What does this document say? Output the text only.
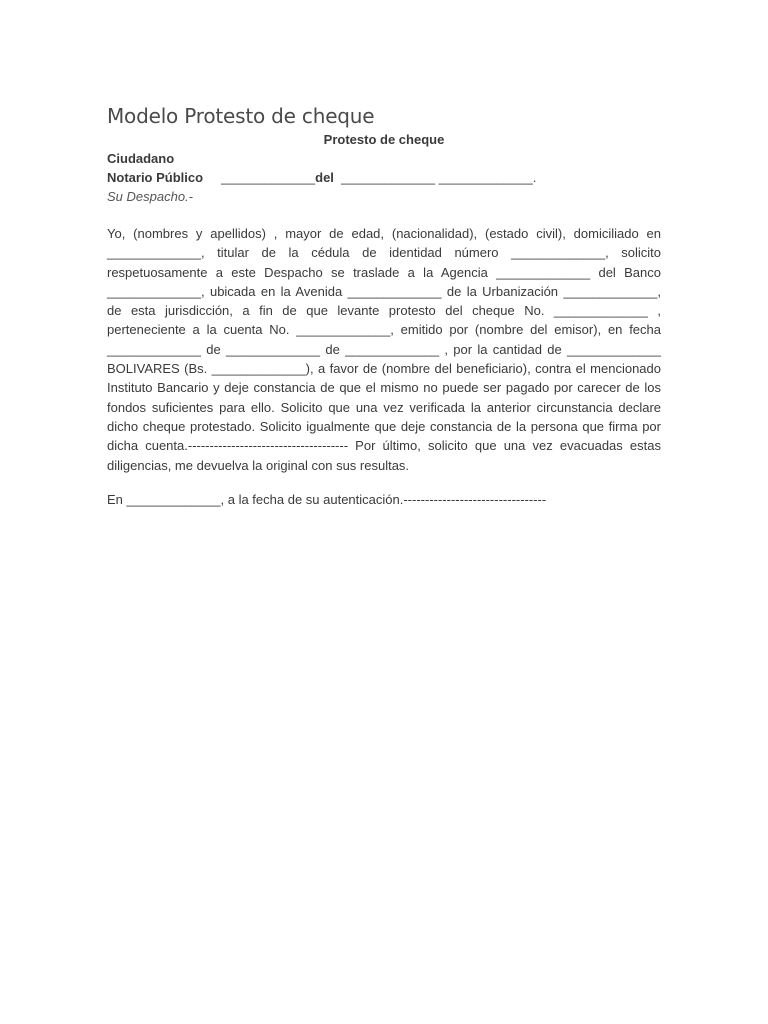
Modelo Protesto de cheque

Protesto de cheque

Ciudadano

Notario Público _____________del _____________ _____________.

Su Despacho.-

Yo, (nombres y apellidos) , mayor de edad, (nacionalidad), (estado civil), domiciliado en _____________, titular de la cédula de identidad número _____________, solicito respetuosamente a este Despacho se traslade a la Agencia _____________ del Banco _____________, ubicada en la Avenida _____________ de la Urbanización _____________, de esta jurisdicción, a fin de que levante protesto del cheque No. _____________ , perteneciente a la cuenta No. _____________, emitido por (nombre del emisor), en fecha _____________ de _____________ de _____________ , por la cantidad de _____________ BOLIVARES (Bs. _____________), a favor de (nombre del beneficiario), contra el mencionado Instituto Bancario y deje constancia de que el mismo no puede ser pagado por carecer de los fondos suficientes para ello. Solicito que una vez verificada la anterior circunstancia declare dicho cheque protestado. Solicito igualmente que deje constancia de la persona que firma por dicha cuenta.------------------------------------- Por último, solicito que una vez evacuadas estas diligencias, me devuelva la original con sus resultas.

En _____________, a la fecha de su autenticación.---------------------------------
